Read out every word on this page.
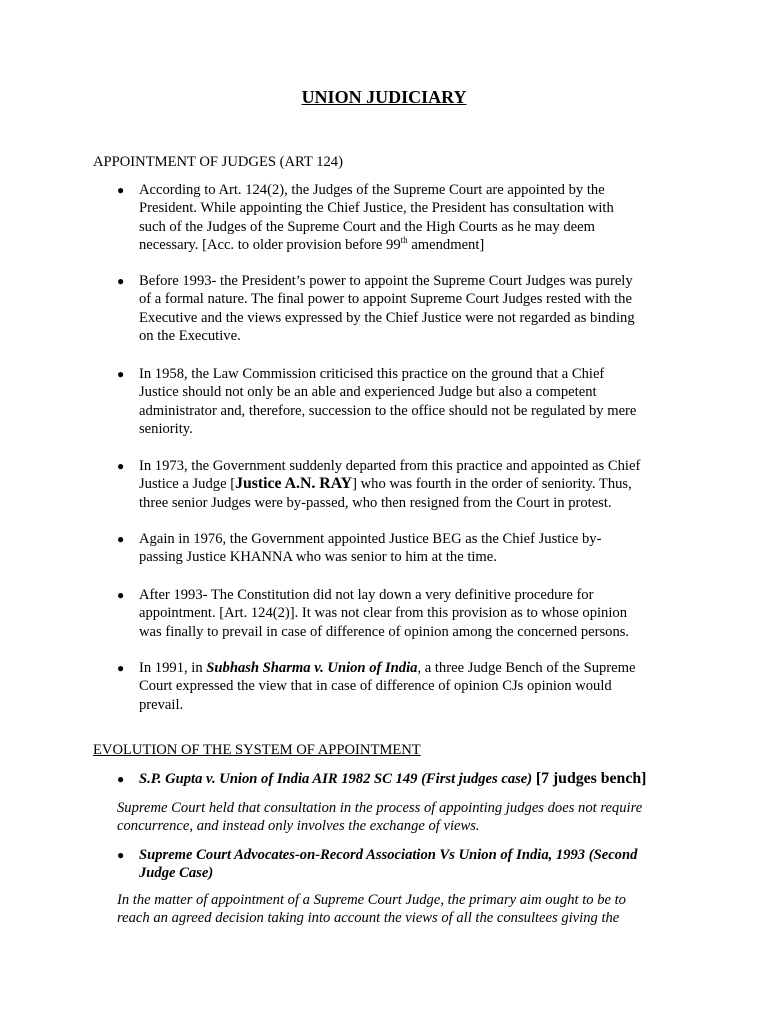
UNION JUDICIARY
APPOINTMENT OF JUDGES (ART 124)
● According to Art. 124(2), the Judges of the Supreme Court are appointed by the
President. While appointing the Chief Justice, the President has consultation with
such of the Judges of the Supreme Court and the High Courts as he may deem
necessary. [Acc. to older provision before 99th amendment]
● Before 1993- the President’s power to appoint the Supreme Court Judges was purely
of a formal nature. The final power to appoint Supreme Court Judges rested with the
Executive and the views expressed by the Chief Justice were not regarded as binding
on the Executive.
● In 1958, the Law Commission criticised this practice on the ground that a Chief
Justice should not only be an able and experienced Judge but also a competent
administrator and, therefore, succession to the office should not be regulated by mere
seniority.
● In 1973, the Government suddenly departed from this practice and appointed as Chief
Justice a Judge [Justice A.N. RAY] who was fourth in the order of seniority. Thus,
three senior Judges were by-passed, who then resigned from the Court in protest.
● Again in 1976, the Government appointed Justice BEG as the Chief Justice by-
passing Justice KHANNA who was senior to him at the time.
● After 1993- The Constitution did not lay down a very definitive procedure for
appointment. [Art. 124(2)]. It was not clear from this provision as to whose opinion
was finally to prevail in case of difference of opinion among the concerned persons.
● In 1991, in Subhash Sharma v. Union of India, a three Judge Bench of the Supreme
Court expressed the view that in case of difference of opinion CJs opinion would
prevail.
EVOLUTION OF THE SYSTEM OF APPOINTMENT
● S.P. Gupta v. Union of India AIR 1982 SC 149 (First judges case) [7 judges bench]
Supreme Court held that consultation in the process of appointing judges does not require
concurrence, and instead only involves the exchange of views.
● Supreme Court Advocates-on-Record Association Vs Union of India, 1993 (Second
Judge Case)
In the matter of appointment of a Supreme Court Judge, the primary aim ought to be to
reach an agreed decision taking into account the views of all the consultees giving the
